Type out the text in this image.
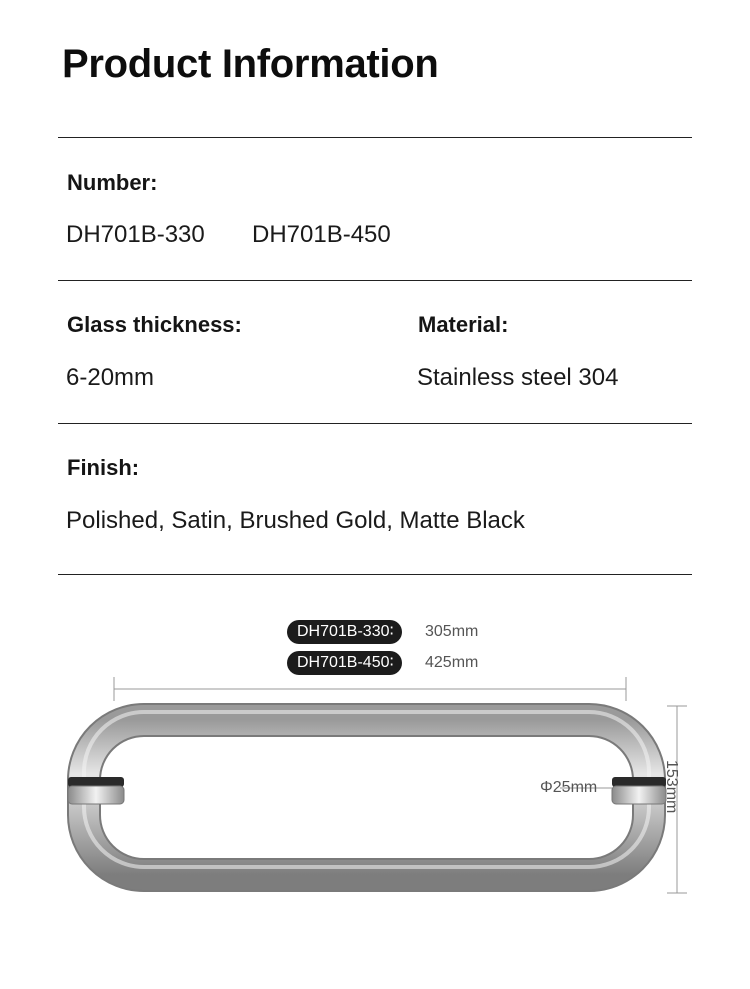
Product Information
Number:
DH701B-330 DH701B-450
Glass thickness:
6-20mm
Material:
Stainless steel 304
Finish:
Polished, Satin, Brushed Gold, Matte Black
DH701B-330∶	305mm
DH701B-450∶	425mm
Φ25mm	153mm
